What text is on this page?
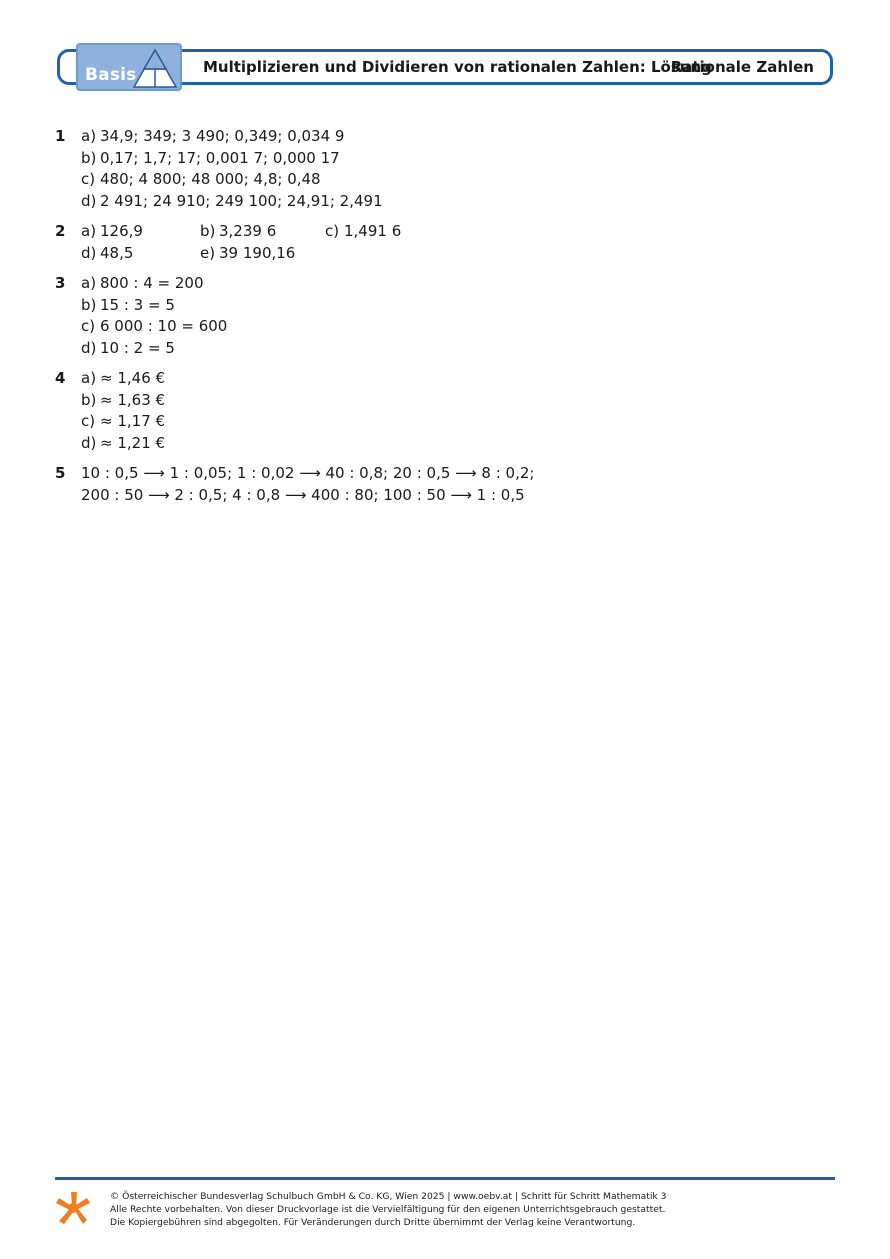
Basis	Multiplizieren und Dividieren von rationalen Zahlen: Lösung
Rationale Zahlen
1	a) 34,9; 349; 3 490; 0,349; 0,034 9
b) 0,17; 1,7; 17; 0,001 7; 0,000 17
c) 480; 4 800; 48 000; 4,8; 0,48
d) 2 491; 24 910; 249 100; 24,91; 2,491
2	a) 126,9	b) 3,239 6	c) 1,491 6
d) 48,5	e) 39 190,16
3	a) 800 : 4 = 200
b) 15 : 3 = 5
c) 6 000 : 10 = 600
d) 10 : 2 = 5
4	a) ≈ 1,46 €
b) ≈ 1,63 €
c) ≈ 1,17 €
d) ≈ 1,21 €
5	10 : 0,5 ⟶ 1 : 0,05; 1 : 0,02 ⟶ 40 : 0,8; 20 : 0,5 ⟶ 8 : 0,2;
200 : 50 ⟶ 2 : 0,5; 4 : 0,8 ⟶ 400 : 80; 100 : 50 ⟶ 1 : 0,5
© Österreichischer Bundesverlag Schulbuch GmbH & Co. KG, Wien 2025 | www.oebv.at | Schritt für Schritt Mathematik 3
Alle Rechte vorbehalten. Von dieser Druckvorlage ist die Vervielfältigung für den eigenen Unterrichtsgebrauch gestattet.
Die Kopiergebühren sind abgegolten. Für Veränderungen durch Dritte übernimmt der Verlag keine Verantwortung.
